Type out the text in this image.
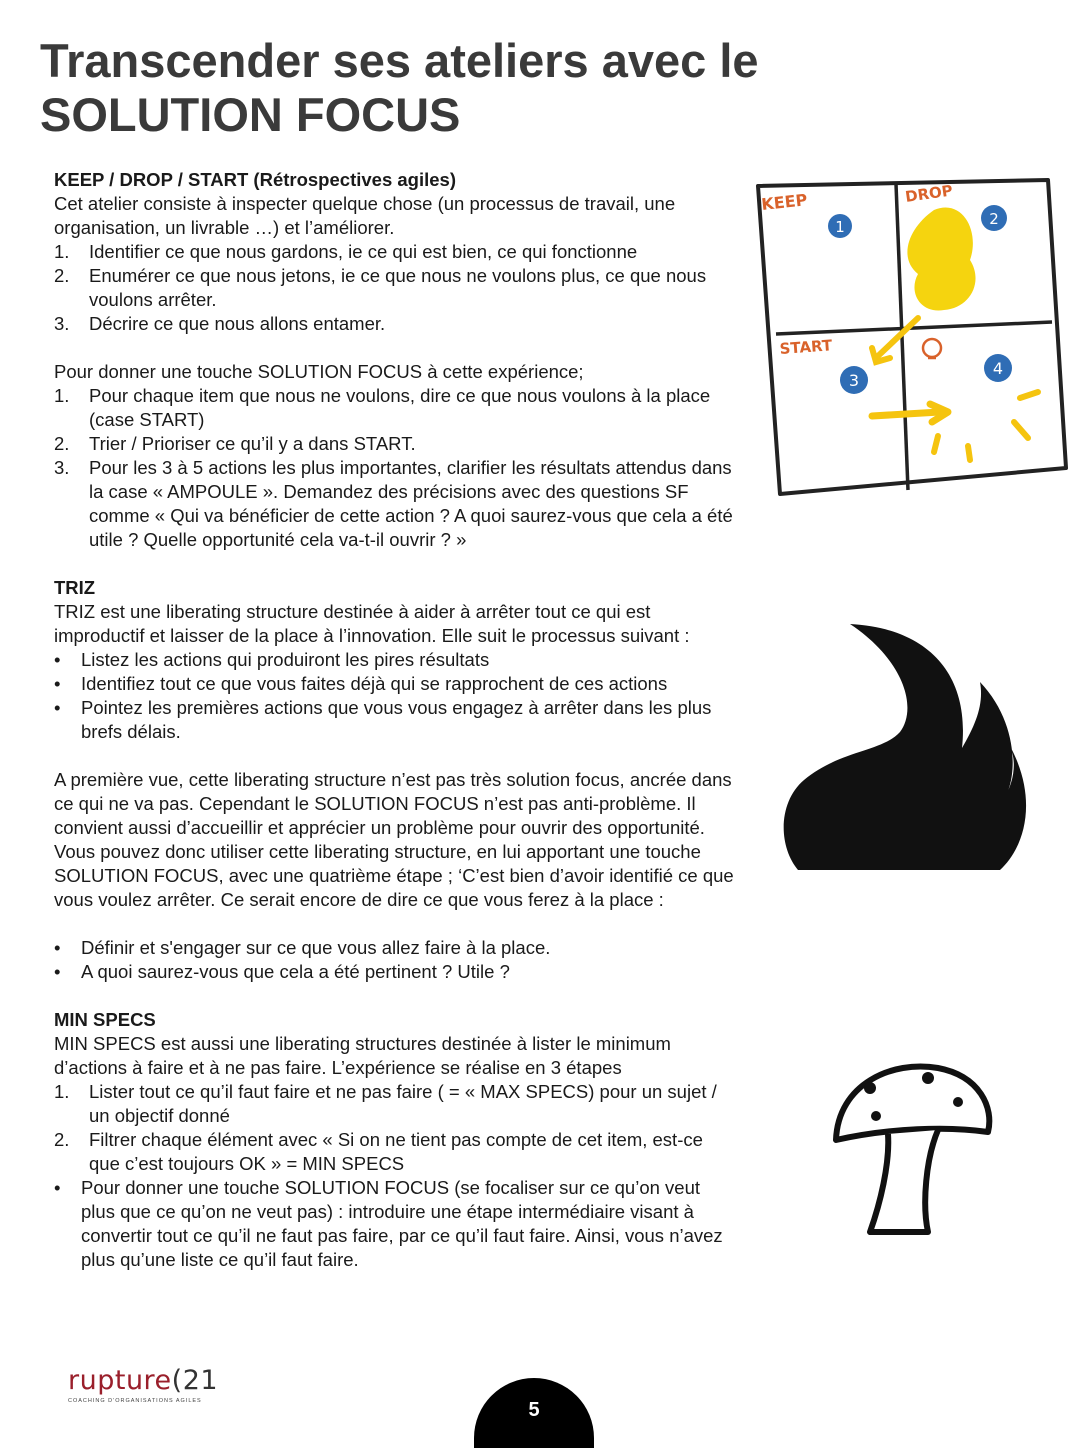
Transcender ses ateliers avec le
SOLUTION FOCUS
KEEP / DROP / START (Rétrospectives agiles)

Cet atelier consiste à inspecter quelque chose (un processus de travail, une organisation, un livrable …) et l’améliorer.

1. Identifier ce que nous gardons, ie ce qui est bien, ce qui fonctionne
2. Enumérer ce que nous jetons, ie ce que nous ne voulons plus, ce que nous voulons arrêter.
3. Décrire ce que nous allons entamer.

Pour donner une touche SOLUTION FOCUS à cette expérience;

1. Pour chaque item que nous ne voulons, dire ce que nous voulons à la place (case START)
2. Trier / Prioriser ce qu’il y a dans START.
3. Pour les 3 à 5 actions les plus importantes, clarifier les résultats attendus dans la case « AMPOULE ». Demandez des précisions avec des questions SF comme « Qui va bénéficier de cette action ? A quoi saurez-vous que cela a été utile ? Quelle opportunité cela va-t-il ouvrir ? »
TRIZ

TRIZ est une liberating structure destinée à aider à arrêter tout ce qui est improductif et laisser de la place à l’innovation. Elle suit le processus suivant :

• Listez les actions qui produiront les pires résultats
• Identifiez tout ce que vous faites déjà qui se rapprochent de ces actions
• Pointez les premières actions que vous vous engagez à arrêter dans les plus brefs délais.

A première vue, cette liberating structure n’est pas très solution focus, ancrée dans ce qui ne va pas. Cependant le SOLUTION FOCUS n’est pas anti-problème. Il convient aussi d’accueillir et apprécier un problème pour ouvrir des opportunité. Vous pouvez donc utiliser cette liberating structure, en lui apportant une touche SOLUTION FOCUS, avec une quatrième étape ; ‘C’est bien d’avoir identifié ce que vous voulez arrêter. Ce serait encore de dire ce que vous ferez à la place :

• Définir et s'engager sur ce que vous allez faire à la place.
• A quoi saurez-vous que cela a été pertinent ? Utile ?
MIN SPECS

MIN SPECS est aussi une liberating structures destinée à lister le minimum d’actions à faire et à ne pas faire. L’expérience se réalise en 3 étapes

1. Lister tout ce qu’il faut faire et ne pas faire ( = « MAX SPECS) pour un sujet / un objectif donné
2. Filtrer chaque élément avec « Si on ne tient pas compte de cet item, est-ce que c’est toujours OK » = MIN SPECS
• Pour donner une touche SOLUTION FOCUS (se focaliser sur ce qu’on veut plus que ce qu’on ne veut pas) : introduire une étape intermédiaire visant à convertir tout ce qu’il ne faut pas faire, par ce qu’il faut faire. Ainsi, vous n’avez plus qu’une liste ce qu’il faut faire.
KEEP	DROP
START
1	2
3
4
rupture(21
COACHING D'ORGANISATIONS AGILES	5
